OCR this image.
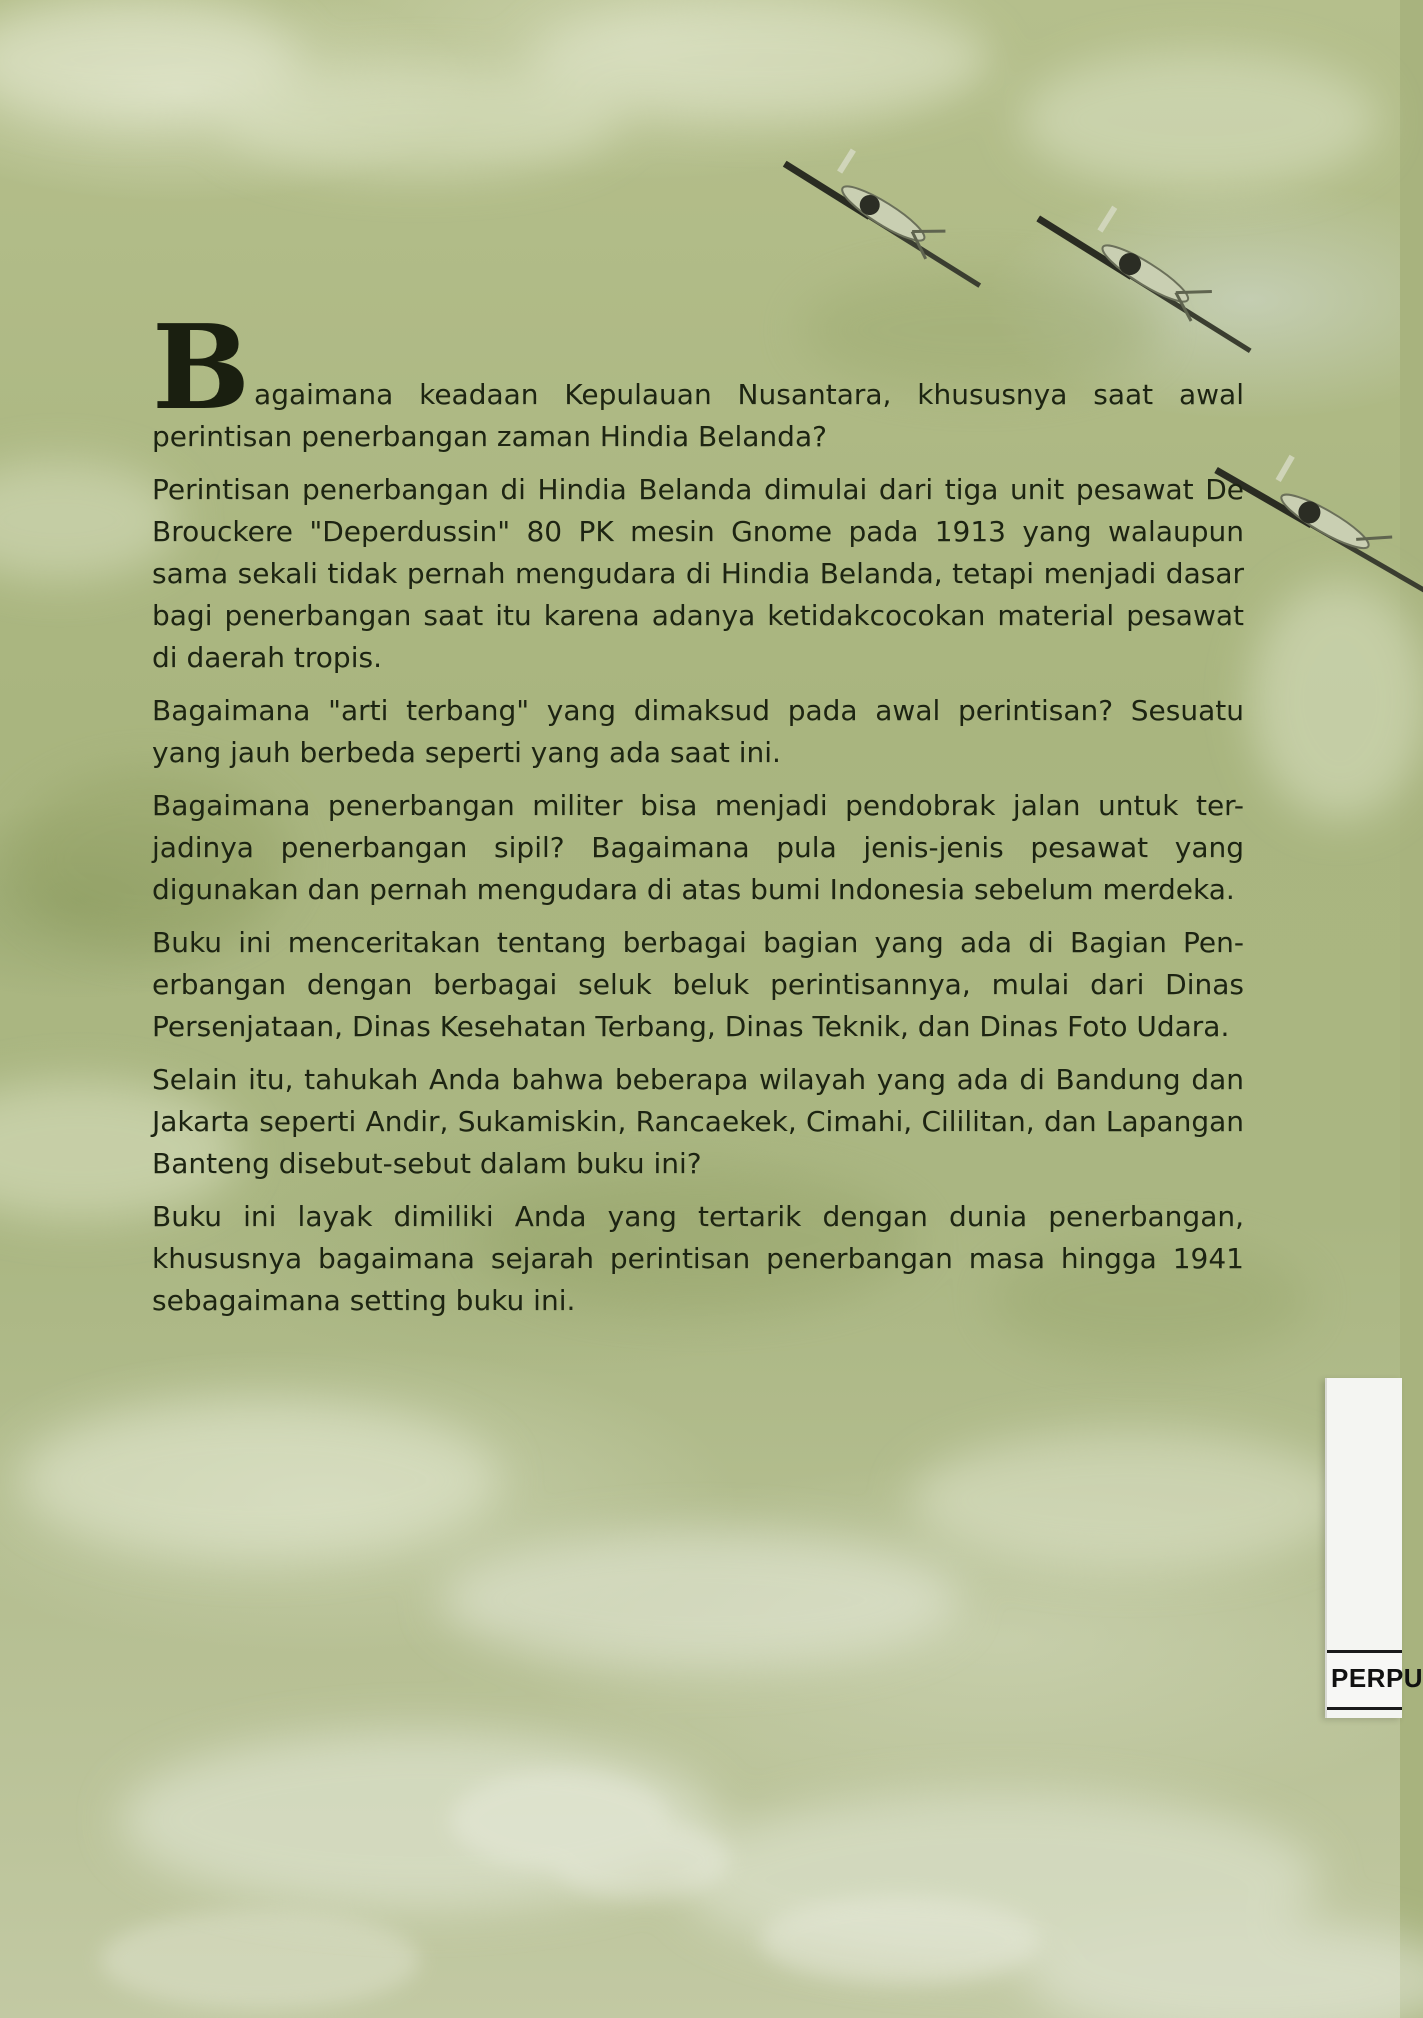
B agaimana keadaan Kepulauan Nusantara, khususnya saat awal perintisan penerbangan zaman Hindia Belanda?

Perintisan penerbangan di Hindia Belanda dimulai dari tiga unit pesawat De Brouckere "Deperdussin" 80 PK mesin Gnome pada 1913 yang walaupun sama sekali tidak pernah mengudara di Hindia Belanda, tetapi menjadi dasar bagi penerbangan saat itu karena adanya ketidakcocokan material pesawat di daerah tropis.

Bagaimana "arti terbang" yang dimaksud pada awal perintisan? Sesuatu yang jauh berbeda seperti yang ada saat ini.

Bagaimana penerbangan militer bisa menjadi pendobrak jalan untuk ter-jadinya penerbangan sipil? Bagaimana pula jenis-jenis pesawat yang digunakan dan pernah mengudara di atas bumi Indonesia sebelum merdeka.

Buku ini menceritakan tentang berbagai bagian yang ada di Bagian Pen-erbangan dengan berbagai seluk beluk perintisannya, mulai dari Dinas Persenjataan, Dinas Kesehatan Terbang, Dinas Teknik, dan Dinas Foto Udara.

Selain itu, tahukah Anda bahwa beberapa wilayah yang ada di Bandung dan Jakarta seperti Andir, Sukamiskin, Rancaekek, Cimahi, Cililitan, dan Lapangan Banteng disebut-sebut dalam buku ini?

Buku ini layak dimiliki Anda yang tertarik dengan dunia penerbangan, khususnya bagaimana sejarah perintisan penerbangan masa hingga 1941 sebagaimana setting buku ini.

PERPU
